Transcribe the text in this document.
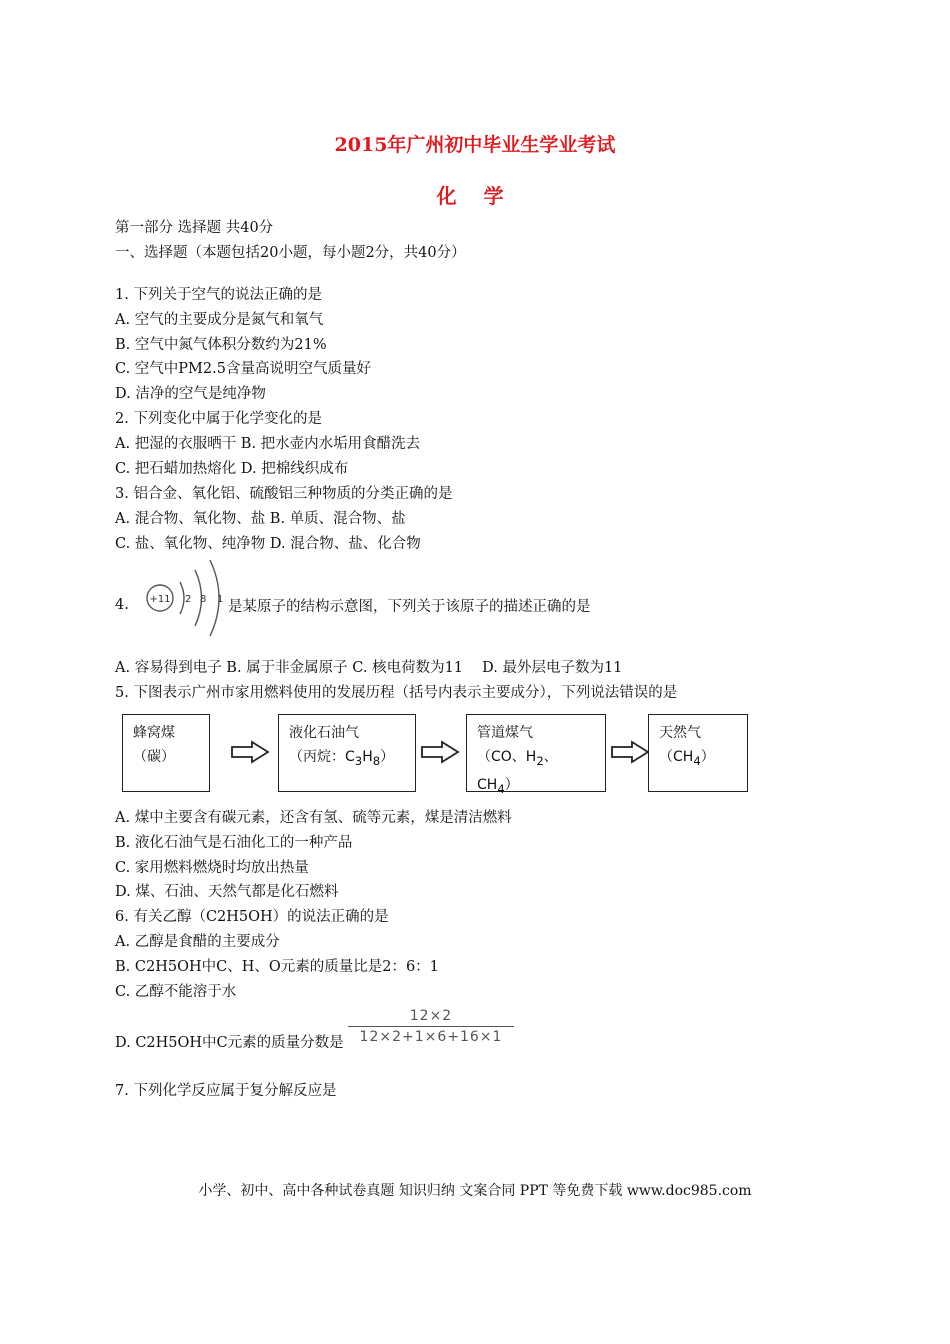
2015年广州初中毕业生学业考试
化 学
第一部分 选择题 共40分
一、选择题（本题包括20小题，每小题2分，共40分）
1. 下列关于空气的说法正确的是
A. 空气的主要成分是氮气和氧气
B. 空气中氮气体积分数约为21%
C. 空气中PM2.5含量高说明空气质量好
D. 洁净的空气是纯净物
2. 下列变化中属于化学变化的是
A. 把湿的衣服晒干 B. 把水壶内水垢用食醋洗去
C. 把石蜡加热熔化 D. 把棉线织成布
3. 铝合金、氧化铝、硫酸铝三种物质的分类正确的是
A. 混合物、氧化物、盐 B. 单质、混合物、盐
C. 盐、氧化物、纯净物 D. 混合物、盐、化合物
4. +11 2 8 1 是某原子的结构示意图，下列关于该原子的描述正确的是
A. 容易得到电子 B. 属于非金属原子 C. 核电荷数为11　 D. 最外层电子数为11
5. 下图表示广州市家用燃料使用的发展历程（括号内表示主要成分），下列说法错误的是
蜂窝煤
（碳）
液化石油气
（丙烷：$C_3H_8$）
管道煤气
（CO、$H_2$、$CH_4$）
天然气
$(CH_4)$
A. 煤中主要含有碳元素，还含有氢、硫等元素，煤是清洁燃料
B. 液化石油气是石油化工的一种产品
C. 家用燃料燃烧时均放出热量
D. 煤、石油、天然气都是化石燃料
6. 有关乙醇（C2H5OH）的说法正确的是
A. 乙醇是食醋的主要成分
B. C2H5OH中C、H、O元素的质量比是2：6：1
C. 乙醇不能溶于水
D. C2H5OH中C元素的质量分数是 $\frac{12\times 2}{12\times 2+1\times 6+16\times 1}$
7. 下列化学反应属于复分解反应是
小学、初中、高中各种试卷真题 知识归纳 文案合同 PPT 等免费下载 www.doc985.com
